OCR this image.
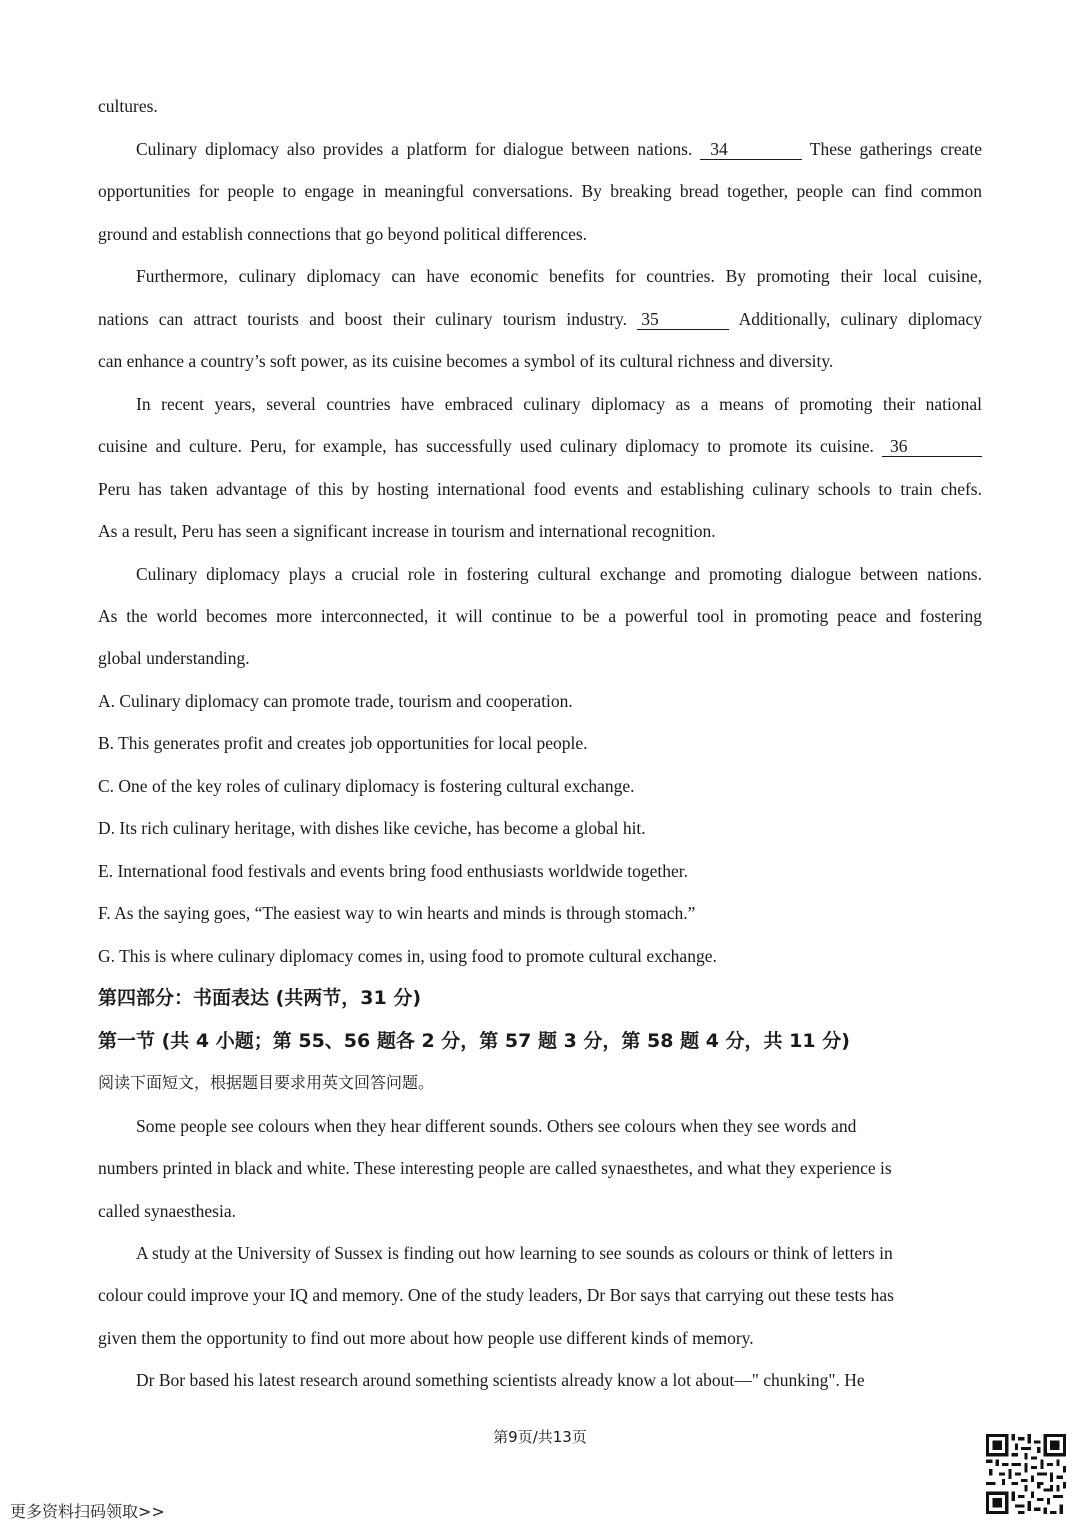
cultures.
Culinary diplomacy also provides a platform for dialogue between nations. 34	These gatherings create
opportunities for people to engage in meaningful conversations. By breaking bread together, people can find common
ground and establish connections that go beyond political differences.
Furthermore, culinary diplomacy can have economic benefits for countries. By promoting their local cuisine,
nations can attract tourists and boost their culinary tourism industry. 35	Additionally, culinary diplomacy
can enhance a country’s soft power, as its cuisine becomes a symbol of its cultural richness and diversity.
In recent years, several countries have embraced culinary diplomacy as a means of promoting their national
cuisine and culture. Peru, for example, has successfully used culinary diplomacy to promote its cuisine. 36
Peru has taken advantage of this by hosting international food events and establishing culinary schools to train chefs.
As a result, Peru has seen a significant increase in tourism and international recognition.
Culinary diplomacy plays a crucial role in fostering cultural exchange and promoting dialogue between nations.
As the world becomes more interconnected, it will continue to be a powerful tool in promoting peace and fostering
global understanding.
A. Culinary diplomacy can promote trade, tourism and cooperation.
B. This generates profit and creates job opportunities for local people.
C. One of the key roles of culinary diplomacy is fostering cultural exchange.
D. Its rich culinary heritage, with dishes like ceviche, has become a global hit.
E. International food festivals and events bring food enthusiasts worldwide together.
F. As the saying goes, “The easiest way to win hearts and minds is through stomach.”
G. This is where culinary diplomacy comes in, using food to promote cultural exchange.
第四部分：书面表达 (共两节，31 分)
第一节 (共 4 小题；第 55、56 题各 2 分，第 57 题 3 分，第 58 题 4 分，共 11 分)
阅读下面短文，根据题目要求用英文回答问题。
Some people see colours when they hear different sounds. Others see colours when they see words and
numbers printed in black and white. These interesting people are called synaesthetes, and what they experience is
called synaesthesia.
A study at the University of Sussex is finding out how learning to see sounds as colours or think of letters in
colour could improve your IQ and memory. One of the study leaders, Dr Bor says that carrying out these tests has
given them the opportunity to find out more about how people use different kinds of memory.
Dr Bor based his latest research around something scientists already know a lot about—" chunking". He
第9页/共13页
更多资料扫码领取>>
